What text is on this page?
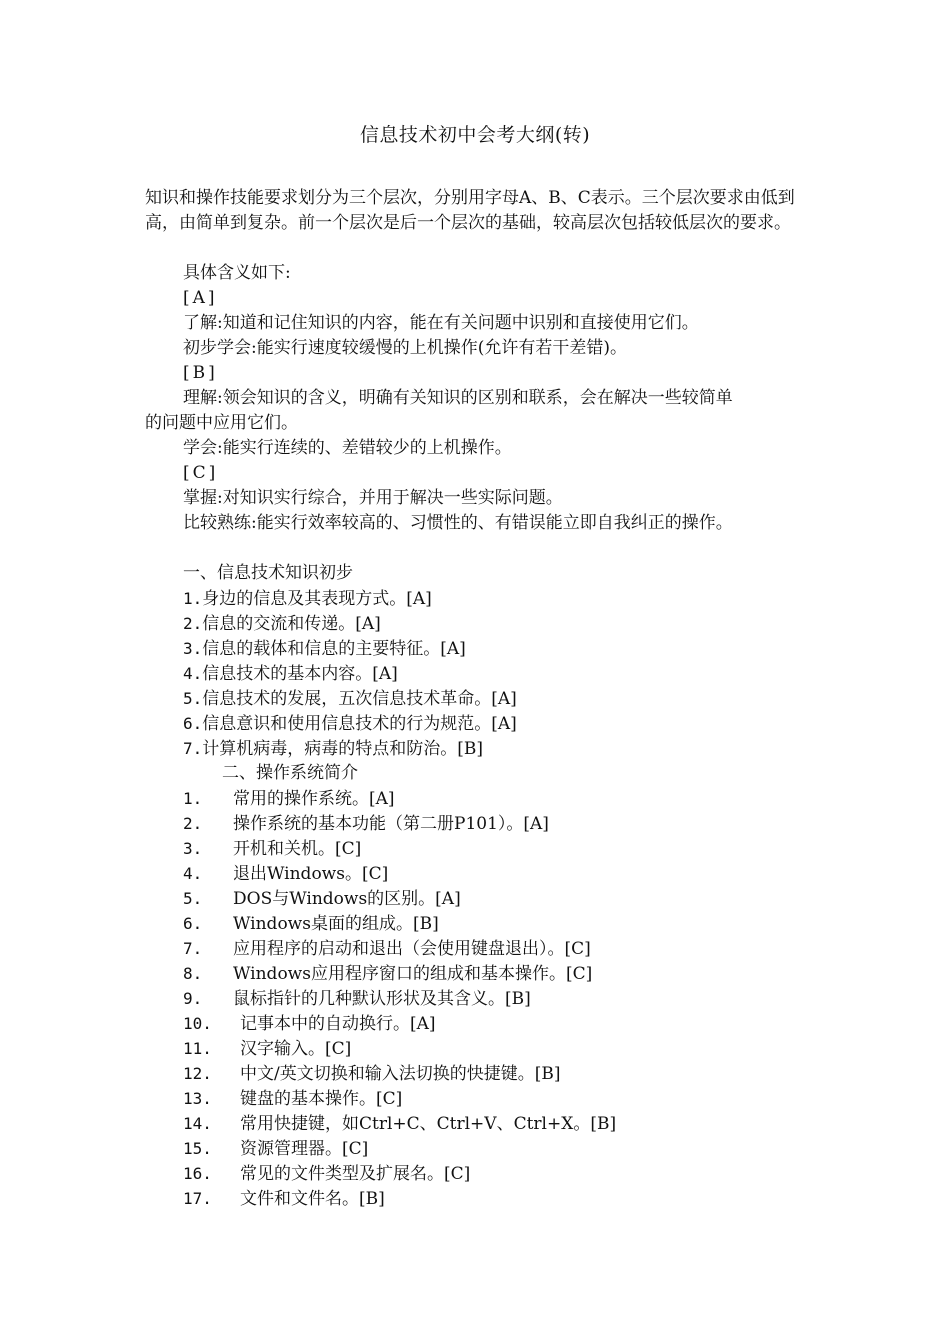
信息技术初中会考大纲(转)

知识和操作技能要求划分为三个层次，分别用字母A、B、C表示。三个层次要求由低到高，由简单到复杂。前一个层次是后一个层次的基础，较高层次包括较低层次的要求。

具体含义如下:

[A]

了解:知道和记住知识的内容，能在有关问题中识别和直接使用它们。

初步学会:能实行速度较缓慢的上机操作(允许有若干差错)。

[B]

理解:领会知识的含义，明确有关知识的区别和联系，会在解决一些较简单

的问题中应用它们。

学会:能实行连续的、差错较少的上机操作。

[C]

掌握:对知识实行综合，并用于解决一些实际问题。

比较熟练:能实行效率较高的、习惯性的、有错误能立即自我纠正的操作。

一、信息技术知识初步

1.身边的信息及其表现方式。[A]

2.信息的交流和传递。[A]

3.信息的载体和信息的主要特征。[A]

4.信息技术的基本内容。[A]

5.信息技术的发展，五次信息技术革命。[A]

6.信息意识和使用信息技术的行为规范。[A]

7.计算机病毒，病毒的特点和防治。[B]

二、操作系统简介

1. 常用的操作系统。[A]

2. 操作系统的基本功能（第二册P101）。[A]

3. 开机和关机。[C]

4. 退出Windows。[C]

5. DOS与Windows的区别。[A]

6. Windows桌面的组成。[B]

7. 应用程序的启动和退出（会使用键盘退出）。[C]

8. Windows应用程序窗口的组成和基本操作。[C]

9. 鼠标指针的几种默认形状及其含义。[B]

10. 记事本中的自动换行。[A]

11. 汉字输入。[C]

12. 中文/英文切换和输入法切换的快捷键。[B]

13. 键盘的基本操作。[C]

14. 常用快捷键，如Ctrl+C、Ctrl+V、Ctrl+X。[B]

15. 资源管理器。[C]

16. 常见的文件类型及扩展名。[C]

17. 文件和文件名。[B]
